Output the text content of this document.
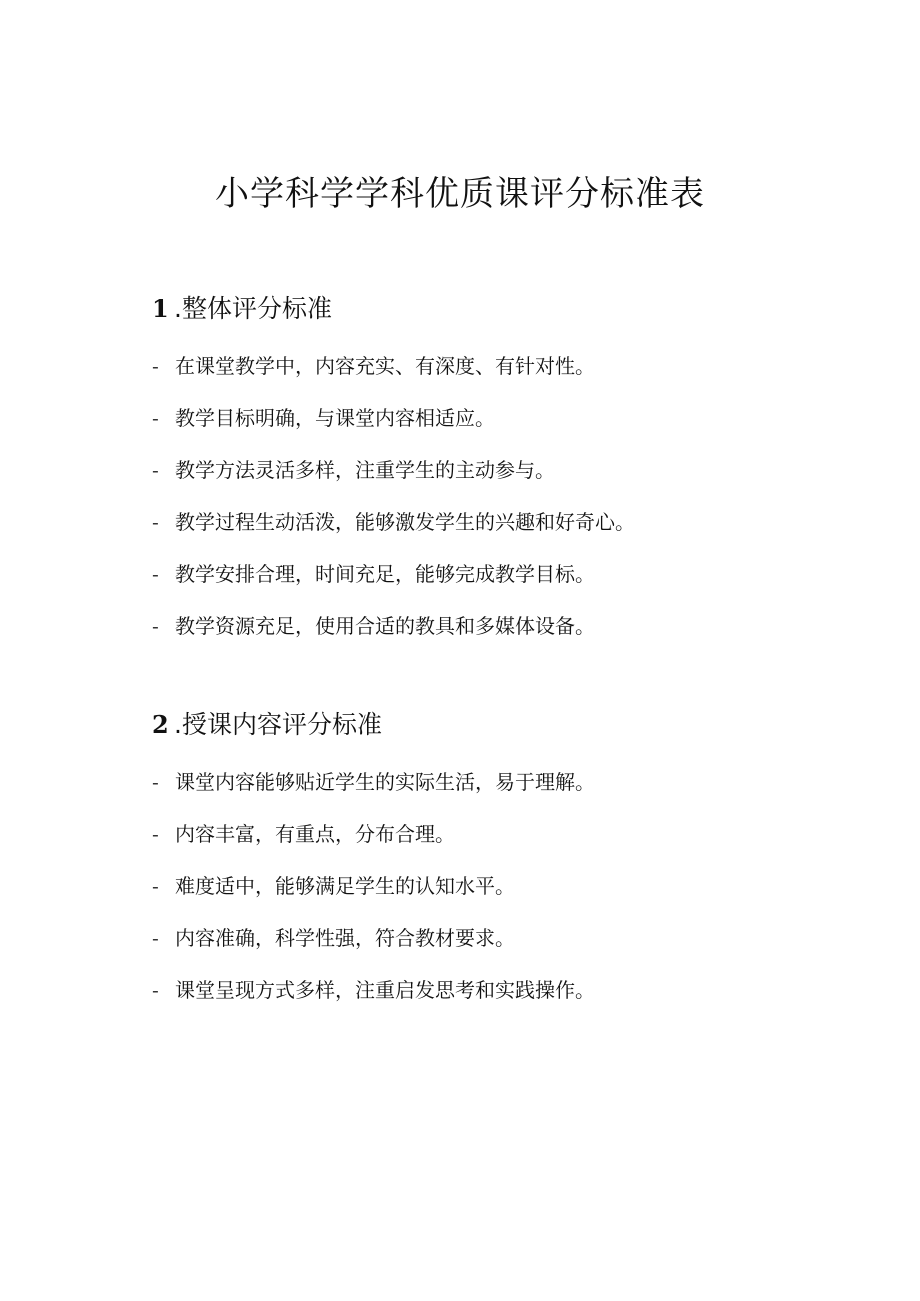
小学科学学科优质课评分标准表
1 .整体评分标准
- 在课堂教学中，内容充实、有深度、有针对性。
- 教学目标明确，与课堂内容相适应。
- 教学方法灵活多样，注重学生的主动参与。
- 教学过程生动活泼，能够激发学生的兴趣和好奇心。
- 教学安排合理，时间充足，能够完成教学目标。
- 教学资源充足，使用合适的教具和多媒体设备。
2 .授课内容评分标准
- 课堂内容能够贴近学生的实际生活，易于理解。
- 内容丰富，有重点，分布合理。
- 难度适中，能够满足学生的认知水平。
- 内容准确，科学性强，符合教材要求。
- 课堂呈现方式多样，注重启发思考和实践操作。
